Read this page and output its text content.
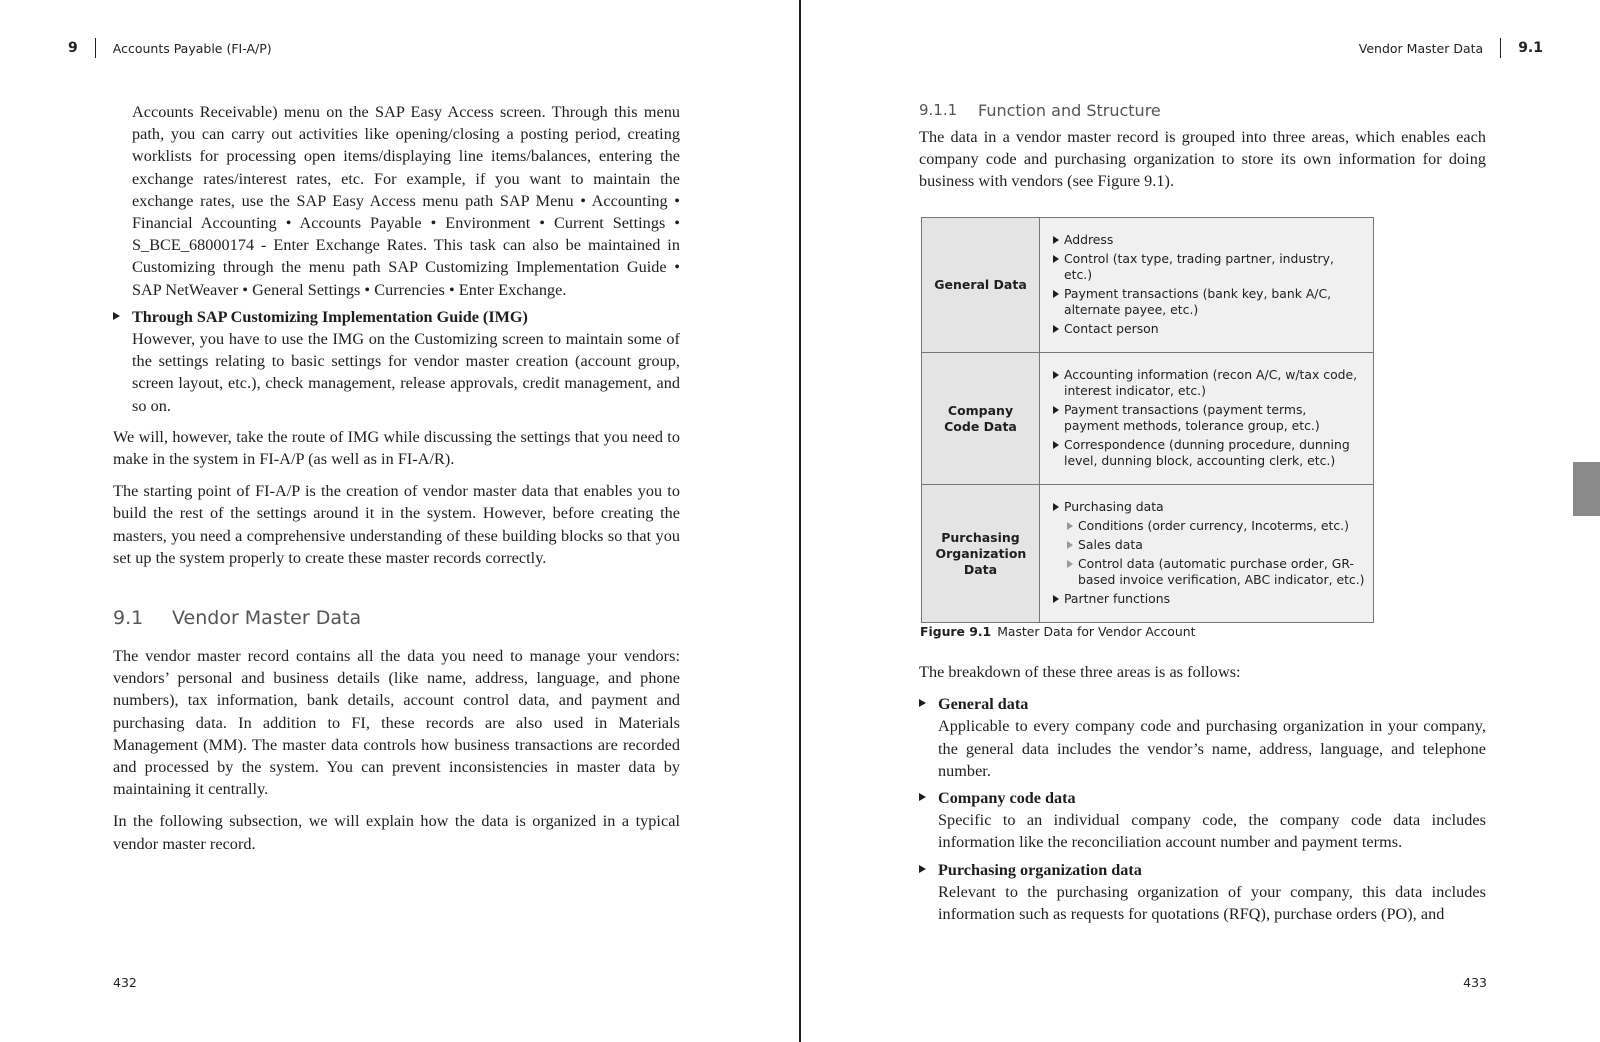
9	Accounts Payable (FI-A/P)

Accounts Receivable) menu on the SAP Easy Access screen. Through this menu path, you can carry out activities like opening/closing a posting period, creating worklists for processing open items/displaying line items/balances, entering the exchange rates/interest rates, etc. For example, if you want to maintain the exchange rates, use the SAP Easy Access menu path SAP Menu • Accounting • Financial Accounting • Accounts Payable • Environment • Current Settings • S_BCE_68000174 - Enter Exchange Rates. This task can also be maintained in Customizing through the menu path SAP Customizing Implementation Guide • SAP NetWeaver • General Settings • Currencies • Enter Exchange.

Through SAP Customizing Implementation Guide (IMG)

However, you have to use the IMG on the Customizing screen to maintain some of the settings relating to basic settings for vendor master creation (account group, screen layout, etc.), check management, release approvals, credit management, and so on.

We will, however, take the route of IMG while discussing the settings that you need to make in the system in FI-A/P (as well as in FI-A/R).

The starting point of FI-A/P is the creation of vendor master data that enables you to build the rest of the settings around it in the system. However, before creating the masters, you need a comprehensive understanding of these building blocks so that you set up the system properly to create these master records correctly.

9.1	Vendor Master Data

The vendor master record contains all the data you need to manage your vendors: vendors’ personal and business details (like name, address, language, and phone numbers), tax information, bank details, account control data, and payment and purchasing data. In addition to FI, these records are also used in Materials Management (MM). The master data controls how business transactions are recorded and processed by the system. You can prevent inconsistencies in master data by maintaining it centrally.

In the following subsection, we will explain how the data is organized in a typical vendor master record.

432
Vendor Master Data	9.1
9.1.1	Function and Structure

The data in a vendor master record is grouped into three areas, which enables each company code and purchasing organization to store its own information for doing business with vendors (see Figure 9.1).

The breakdown of these three areas is as follows:

General data

Applicable to every company code and purchasing organization in your company, the general data includes the vendor’s name, address, language, and telephone number.

Company code data

Specific to an individual company code, the company code data includes information like the reconciliation account number and payment terms.

Purchasing organization data

Relevant to the purchasing organization of your company, this data includes information such as requests for quotations (RFQ), purchase orders (PO), and

433
General Data	Address
Control (tax type, trading partner, industry, etc.)
Payment transactions (bank key, bank A/C, alternate payee, etc.)
Contact person

Company Code Data	Accounting information (recon A/C, w/tax code, interest indicator, etc.)
Payment transactions (payment terms, payment methods, tolerance group, etc.)
Correspondence (dunning procedure, dunning level, dunning block, accounting clerk, etc.)

Purchasing Organization Data	Purchasing data
Conditions (order currency, Incoterms, etc.)
Sales data
Control data (automatic purchase order, GR-based invoice verification, ABC indicator, etc.)
Partner functions
Figure 9.1 Master Data for Vendor Account
